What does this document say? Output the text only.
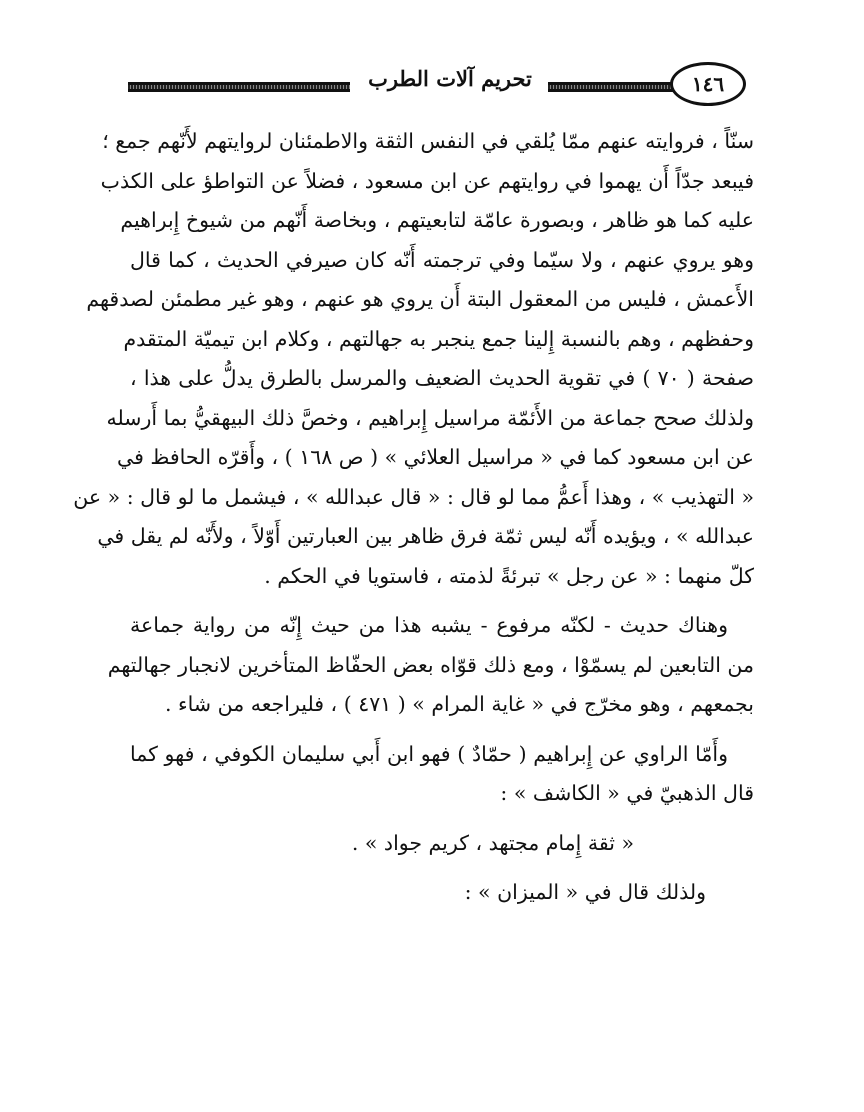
تحريم آلات الطرب	١٤٦
سنّاً ، فروايته عنهم ممّا يُلقي في النفس الثقة والاطمئنان لروايتهم لأَنّهم جمع ؛
فيبعد جدّاً أَن يهموا في روايتهم عن ابن مسعود ، فضلاً عن التواطؤ على الكذب
عليه كما هو ظاهر ، وبصورة عامّة لتابعيتهم ، وبخاصة أَنّهم من شيوخ إِبراهيم
وهو يروي عنهم ، ولا سيّما وفي ترجمته أَنّه كان صيرفي الحديث ، كما قال
الأَعمش ، فليس من المعقول البتة أَن يروي هو عنهم ، وهو غير مطمئن لصدقهم
وحفظهم ، وهم بالنسبة إِلينا جمع ينجبر به جهالتهم ، وكلام ابن تيميّة المتقدم
صفحة ( ٧٠ ) في تقوية الحديث الضعيف والمرسل بالطرق يدلُّ على هذا ،
ولذلك صحح جماعة من الأَئمّة مراسيل إِبراهيم ، وخصَّ ذلك البيهقيُّ بما أَرسله
عن ابن مسعود كما في « مراسيل العلائي » ( ص ١٦٨ ) ، وأَقرّه الحافظ في
« التهذيب » ، وهذا أَعمُّ مما لو قال : « قال عبدالله » ، فيشمل ما لو قال : « عن
عبدالله » ، ويؤيده أَنّه ليس ثمّة فرق ظاهر بين العبارتين أَوّلاً ، ولأَنّه لم يقل في
كلّ منهما : « عن رجل » تبرئةً لذمته ، فاستويا في الحكم .
وهناك حديث - لكنّه مرفوع - يشبه هذا من حيث إِنّه من رواية جماعة
من التابعين لم يسمّوْا ، ومع ذلك قوّاه بعض الحفّاظ المتأخرين لانجبار جهالتهم
بجمعهم ، وهو مخرّج في « غاية المرام » ( ٤٧١ ) ، فليراجعه من شاء .
وأَمّا الراوي عن إِبراهيم ( حمّادٌ ) فهو ابن أَبي سليمان الكوفي ، فهو كما
قال الذهبيّ في « الكاشف » :
« ثقة إِمام مجتهد ، كريم جواد » .
ولذلك قال في « الميزان » :
